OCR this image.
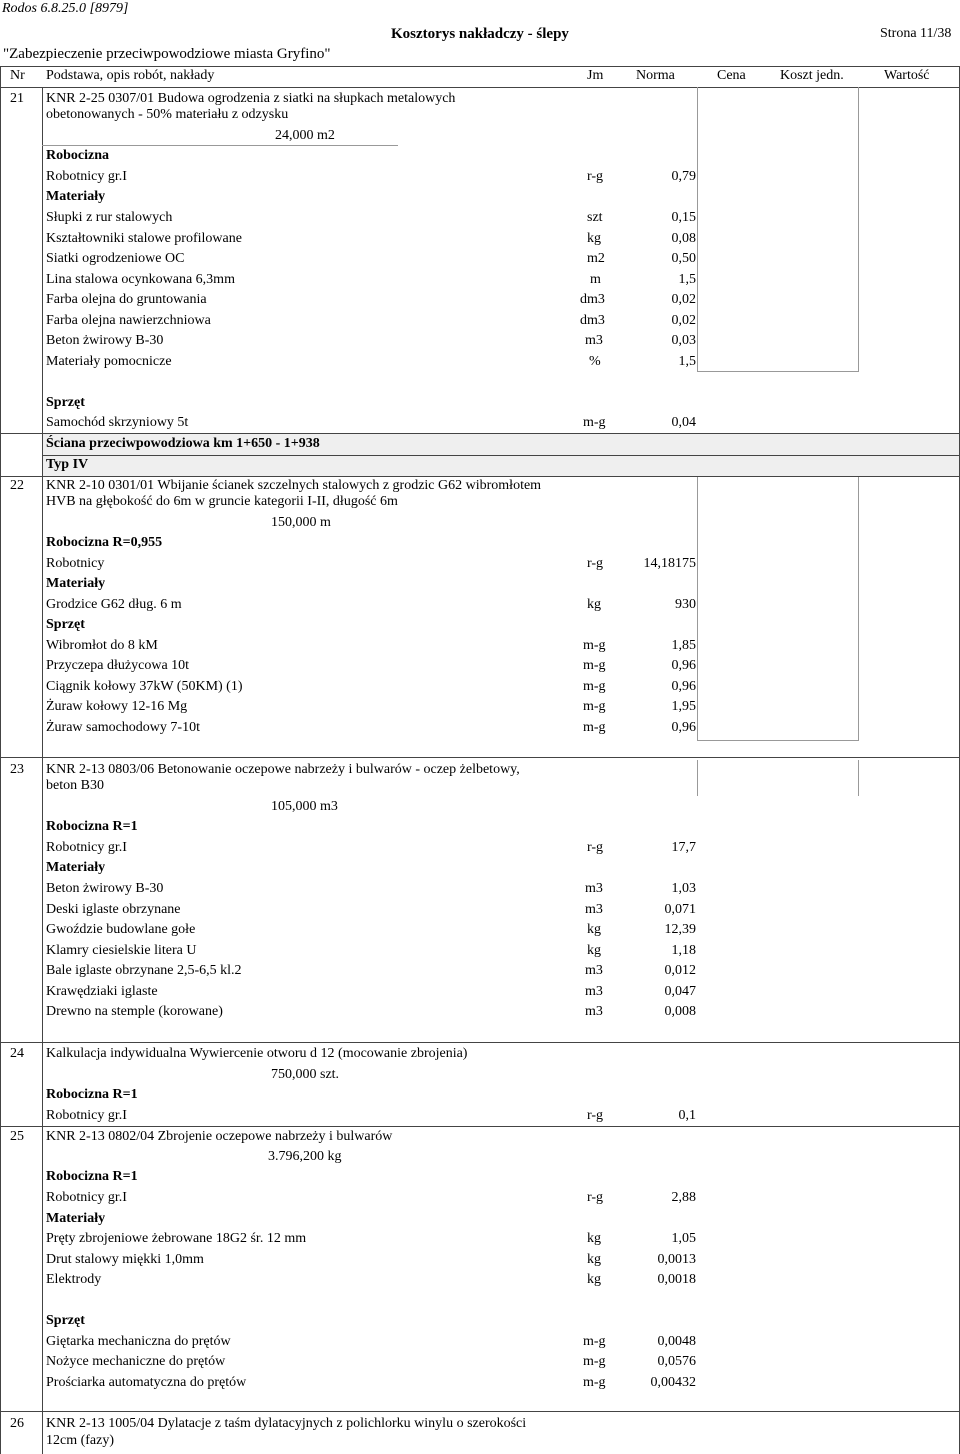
Rodos 6.8.25.0 [8979]
Kosztorys nakładczy - ślepy	Strona 11/38
"Zabezpieczenie przeciwpowodziowe miasta Gryfino"
Nr Podstawa, opis robót, nakłady	Jm Norma	Cena Koszt jedn.	Wartość
21 KNR 2-25 0307/01 Budowa ogrodzenia z siatki na słupkach metalowych
obetonowanych - 50% materiału z odzysku
24,000 m2
Robocizna
Robotnicy gr.I	r-g	0,79
Materiały
Słupki z rur stalowych	szt	0,15
Kształtowniki stalowe profilowane	kg	0,08
Siatki ogrodzeniowe OC	m2	0,50
Lina stalowa ocynkowana 6,3mm	m	1,5
Farba olejna do gruntowania	dm3	0,02
Farba olejna nawierzchniowa	dm3	0,02
Beton żwirowy B-30	m3	0,03
Materiały pomocnicze	%	1,5
Sprzęt
Samochód skrzyniowy 5t	m-g	0,04
Ściana przeciwpowodziowa km 1+650 - 1+938
Typ IV
22 KNR 2-10 0301/01 Wbijanie ścianek szczelnych stalowych z grodzic G62 wibromłotem
HVB na głębokość do 6m w gruncie kategorii I-II, długość 6m
150,000 m
Robocizna R=0,955
Robotnicy	r-g	14,18175
Materiały
Grodzice G62 dług. 6 m	kg	930
Sprzęt
Wibromłot do 8 kM	m-g	1,85
Przyczepa dłużycowa 10t	m-g	0,96
Ciągnik kołowy 37kW (50KM) (1)	m-g	0,96
Żuraw kołowy 12-16 Mg	m-g	1,95
Żuraw samochodowy 7-10t	m-g	0,96
23 KNR 2-13 0803/06 Betonowanie oczepowe nabrzeży i bulwarów - oczep żelbetowy,
beton B30
105,000 m3
Robocizna R=1
Robotnicy gr.I	r-g	17,7
Materiały
Beton żwirowy B-30	m3	1,03
Deski iglaste obrzynane	m3	0,071
Gwoździe budowlane gołe	kg	12,39
Klamry ciesielskie litera U	kg	1,18
Bale iglaste obrzynane 2,5-6,5 kl.2	m3	0,012
Krawędziaki iglaste	m3	0,047
Drewno na stemple (korowane)	m3	0,008
24 Kalkulacja indywidualna Wywiercenie otworu d 12 (mocowanie zbrojenia)
750,000 szt.
Robocizna R=1
Robotnicy gr.I	r-g	0,1
25 KNR 2-13 0802/04 Zbrojenie oczepowe nabrzeży i bulwarów
3.796,200 kg
Robocizna R=1
Robotnicy gr.I	r-g	2,88
Materiały
Pręty zbrojeniowe żebrowane 18G2 śr. 12 mm	kg	1,05
Drut stalowy miękki 1,0mm	kg	0,0013
Elektrody	kg	0,0018
Sprzęt
Giętarka mechaniczna do prętów	m-g	0,0048
Nożyce mechaniczne do prętów	m-g	0,0576
Prościarka automatyczna do prętów	m-g	0,00432
26 KNR 2-13 1005/04 Dylatacje z taśm dylatacyjnych z polichlorku winylu o szerokości
12cm (fazy)
